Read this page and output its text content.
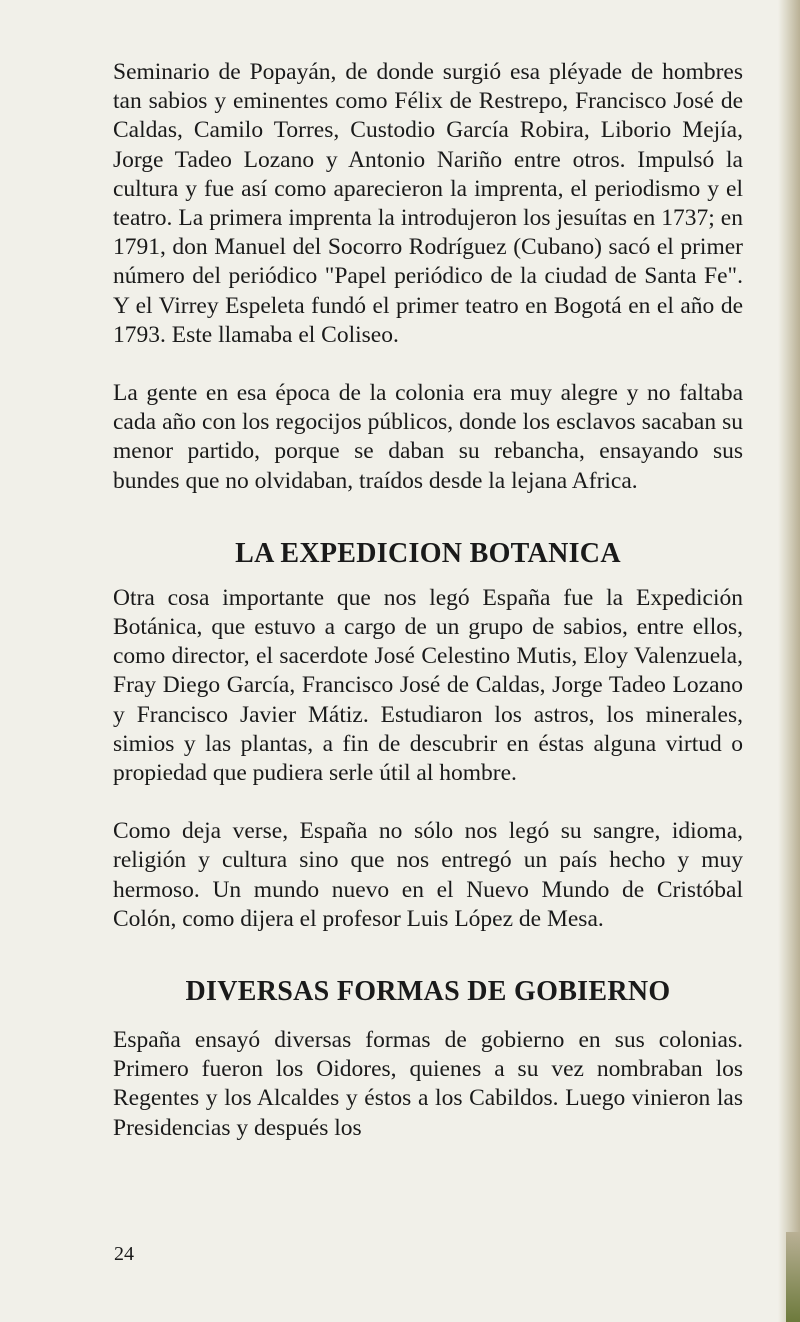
Seminario de Popayán, de donde surgió esa pléyade de hombres tan sabios y eminentes como Félix de Restrepo, Francisco José de Caldas, Camilo Torres, Custodio García Robira, Liborio Mejía, Jorge Tadeo Lozano y Antonio Nariño entre otros. Impulsó la cultura y fue así como aparecieron la imprenta, el periodismo y el teatro. La primera imprenta la introdujeron los jesuítas en 1737; en 1791, don Manuel del Socorro Rodríguez (Cubano) sacó el primer número del periódico "Papel periódico de la ciudad de Santa Fe". Y el Virrey Espeleta fundó el primer teatro en Bogotá en el año de 1793. Este llamaba el Coliseo.

La gente en esa época de la colonia era muy alegre y no faltaba cada año con los regocijos públicos, donde los esclavos sacaban su menor partido, porque se daban su rebancha, ensayando sus bundes que no olvidaban, traídos desde la lejana Africa.

LA EXPEDICION BOTANICA

Otra cosa importante que nos legó España fue la Expedición Botánica, que estuvo a cargo de un grupo de sabios, entre ellos, como director, el sacerdote José Celestino Mutis, Eloy Valenzuela, Fray Diego García, Francisco José de Caldas, Jorge Tadeo Lozano y Francisco Javier Mátiz. Estudiaron los astros, los minerales, simios y las plantas, a fin de descubrir en éstas alguna virtud o propiedad que pudiera serle útil al hombre.

Como deja verse, España no sólo nos legó su sangre, idioma, religión y cultura sino que nos entregó un país hecho y muy hermoso. Un mundo nuevo en el Nuevo Mundo de Cristóbal Colón, como dijera el profesor Luis López de Mesa.

DIVERSAS FORMAS DE GOBIERNO

España ensayó diversas formas de gobierno en sus colonias. Primero fueron los Oidores, quienes a su vez nombraban los Regentes y los Alcaldes y éstos a los Cabildos. Luego vinieron las Presidencias y después los

24
